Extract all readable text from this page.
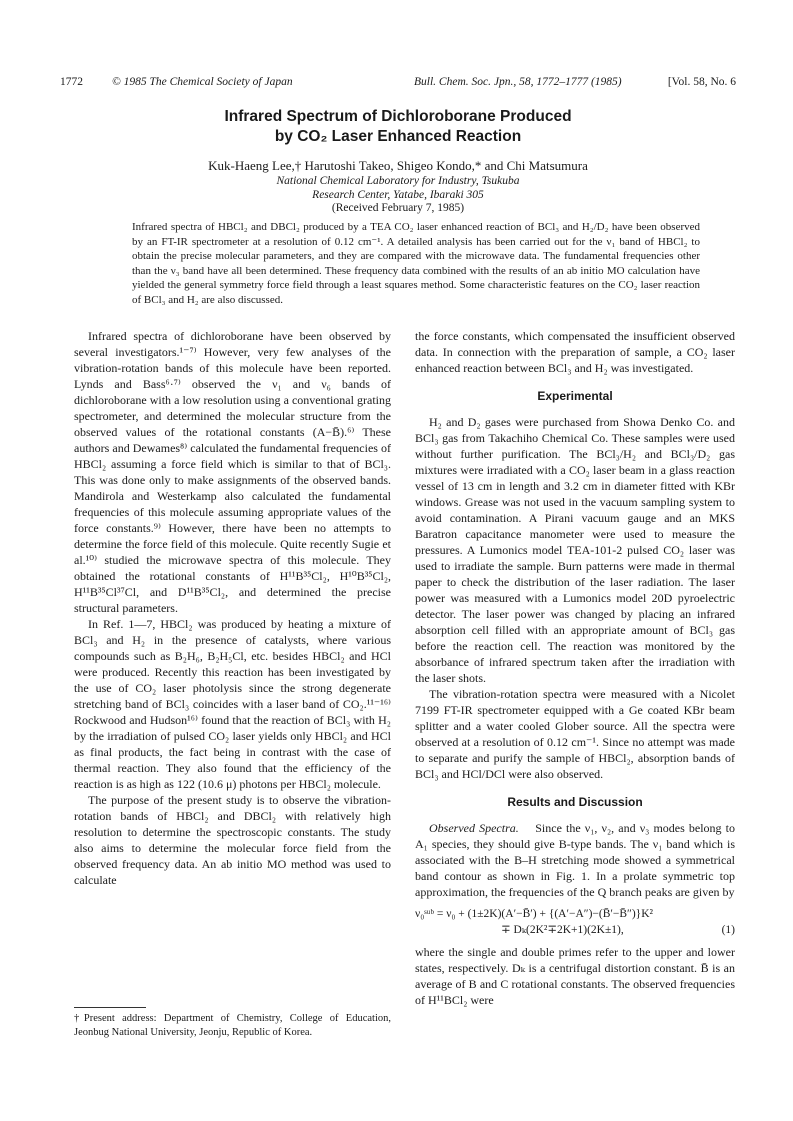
1772	© 1985 The Chemical Society of Japan	Bull. Chem. Soc. Jpn., 58, 1772–1777 (1985)	[Vol. 58, No. 6
Infrared Spectrum of Dichloroborane Produced
by CO₂ Laser Enhanced Reaction
Kuk-Haeng Lee,† Harutoshi Takeo, Shigeo Kondo,* and Chi Matsumura
National Chemical Laboratory for Industry, Tsukuba
Research Center, Yatabe, Ibaraki 305
(Received February 7, 1985)
Infrared spectra of HBCl₂ and DBCl₂ produced by a TEA CO₂ laser enhanced reaction of BCl₃ and H₂/D₂ have been observed by an FT-IR spectrometer at a resolution of 0.12 cm⁻¹. A detailed analysis has been carried out for the ν₁ band of HBCl₂ to obtain the precise molecular parameters, and they are compared with the microwave data. The fundamental frequencies other than the ν₃ band have all been determined. These frequency data combined with the results of an ab initio MO calculation have yielded the general symmetry force field through a least squares method. Some characteristic features on the CO₂ laser reaction of BCl₃ and H₂ are also discussed.

Infrared spectra of dichloroborane have been observed by several investigators.¹⁻⁷⁾ However, very few analyses of the vibration-rotation bands of this molecule have been reported. Lynds and Bass⁶·⁷⁾ observed the ν₁ and ν₆ bands of dichloroborane with a low resolution using a conventional grating spectrometer, and determined the molecular structure from the observed values of the rotational constants (A−B̄).⁶⁾ These authors and Dewames⁸⁾ calculated the fundamental frequencies of HBCl₂ assuming a force field which is similar to that of BCl₃. This was done only to make assignments of the observed bands. Mandirola and Westerkamp also calculated the fundamental frequencies of this molecule assuming appropriate values of the force constants.⁹⁾ However, there have been no attempts to determine the force field of this molecule. Quite recently Sugie et al.¹⁰⁾ studied the microwave spectra of this molecule. They obtained the rotational constants of H¹¹B³⁵Cl₂, H¹⁰B³⁵Cl₂, H¹¹B³⁵Cl³⁷Cl, and D¹¹B³⁵Cl₂, and determined the precise structural parameters.

In Ref. 1—7, HBCl₂ was produced by heating a mixture of BCl₃ and H₂ in the presence of catalysts, where various compounds such as B₂H₆, B₂H₅Cl, etc. besides HBCl₂ and HCl were produced. Recently this reaction has been investigated by the use of CO₂ laser photolysis since the strong degenerate stretching band of BCl₃ coincides with a laser band of CO₂.¹¹⁻¹⁶⁾ Rockwood and Hudson¹⁶⁾ found that the reaction of BCl₃ with H₂ by the irradiation of pulsed CO₂ laser yields only HBCl₂ and HCl as final products, the fact being in contrast with the case of thermal reaction. They also found that the efficiency of the reaction is as high as 122 (10.6 μ) photons per HBCl₂ molecule.

The purpose of the present study is to observe the vibration-rotation bands of HBCl₂ and DBCl₂ with relatively high resolution to determine the spectroscopic constants. The study also aims to determine the molecular force field from the observed frequency data. An ab initio MO method was used to calculate

†Present address: Department of Chemistry, College of Education, Jeonbug National University, Jeonju, Republic of Korea.

the force constants, which compensated the insufficient observed data. In connection with the preparation of sample, a CO₂ laser enhanced reaction between BCl₃ and H₂ was investigated.

Experimental

H₂ and D₂ gases were purchased from Showa Denko Co. and BCl₃ gas from Takachiho Chemical Co. These samples were used without further purification. The BCl₃/H₂ and BCl₃/D₂ gas mixtures were irradiated with a CO₂ laser beam in a glass reaction vessel of 13 cm in length and 3.2 cm in diameter fitted with KBr windows. Grease was not used in the vacuum sampling system to avoid contamination. A Pirani vacuum gauge and an MKS Baratron capacitance manometer were used to measure the pressures. A Lumonics model TEA-101-2 pulsed CO₂ laser was used to irradiate the sample. Burn patterns were made in thermal paper to check the distribution of the laser radiation. The laser power was measured with a Lumonics model 20D pyroelectric detector. The laser power was changed by placing an infrared absorption cell filled with an appropriate amount of BCl₃ gas before the reaction cell. The reaction was monitored by the absorbance of infrared spectrum taken after the irradiation with the laser shots.

The vibration-rotation spectra were measured with a Nicolet 7199 FT-IR spectrometer equipped with a Ge coated KBr beam splitter and a water cooled Glober source. All the spectra were observed at a resolution of 0.12 cm⁻¹. Since no attempt was made to separate and purify the sample of HBCl₂, absorption bands of BCl₃ and HCl/DCl were also observed.

Results and Discussion

Observed Spectra. Since the ν₁, ν₂, and ν₃ modes belong to A₁ species, they should give B-type bands. The ν₁ band which is associated with the B–H stretching mode showed a symmetrical band contour as shown in Fig. 1. In a prolate symmetric top approximation, the frequencies of the Q branch peaks are given by

ν₀ˢᵘᵇ = ν₀ + (1±2K)(A′−B̄′) + {(A′−A″)−(B̄′−B̄″)}K²
∓ Dₖ(2K²∓2K+1)(2K±1),	(1)

where the single and double primes refer to the upper and lower states, respectively. Dₖ is a centrifugal distortion constant. B̄ is an average of B and C rotational constants. The observed frequencies of H¹¹BCl₂ were
